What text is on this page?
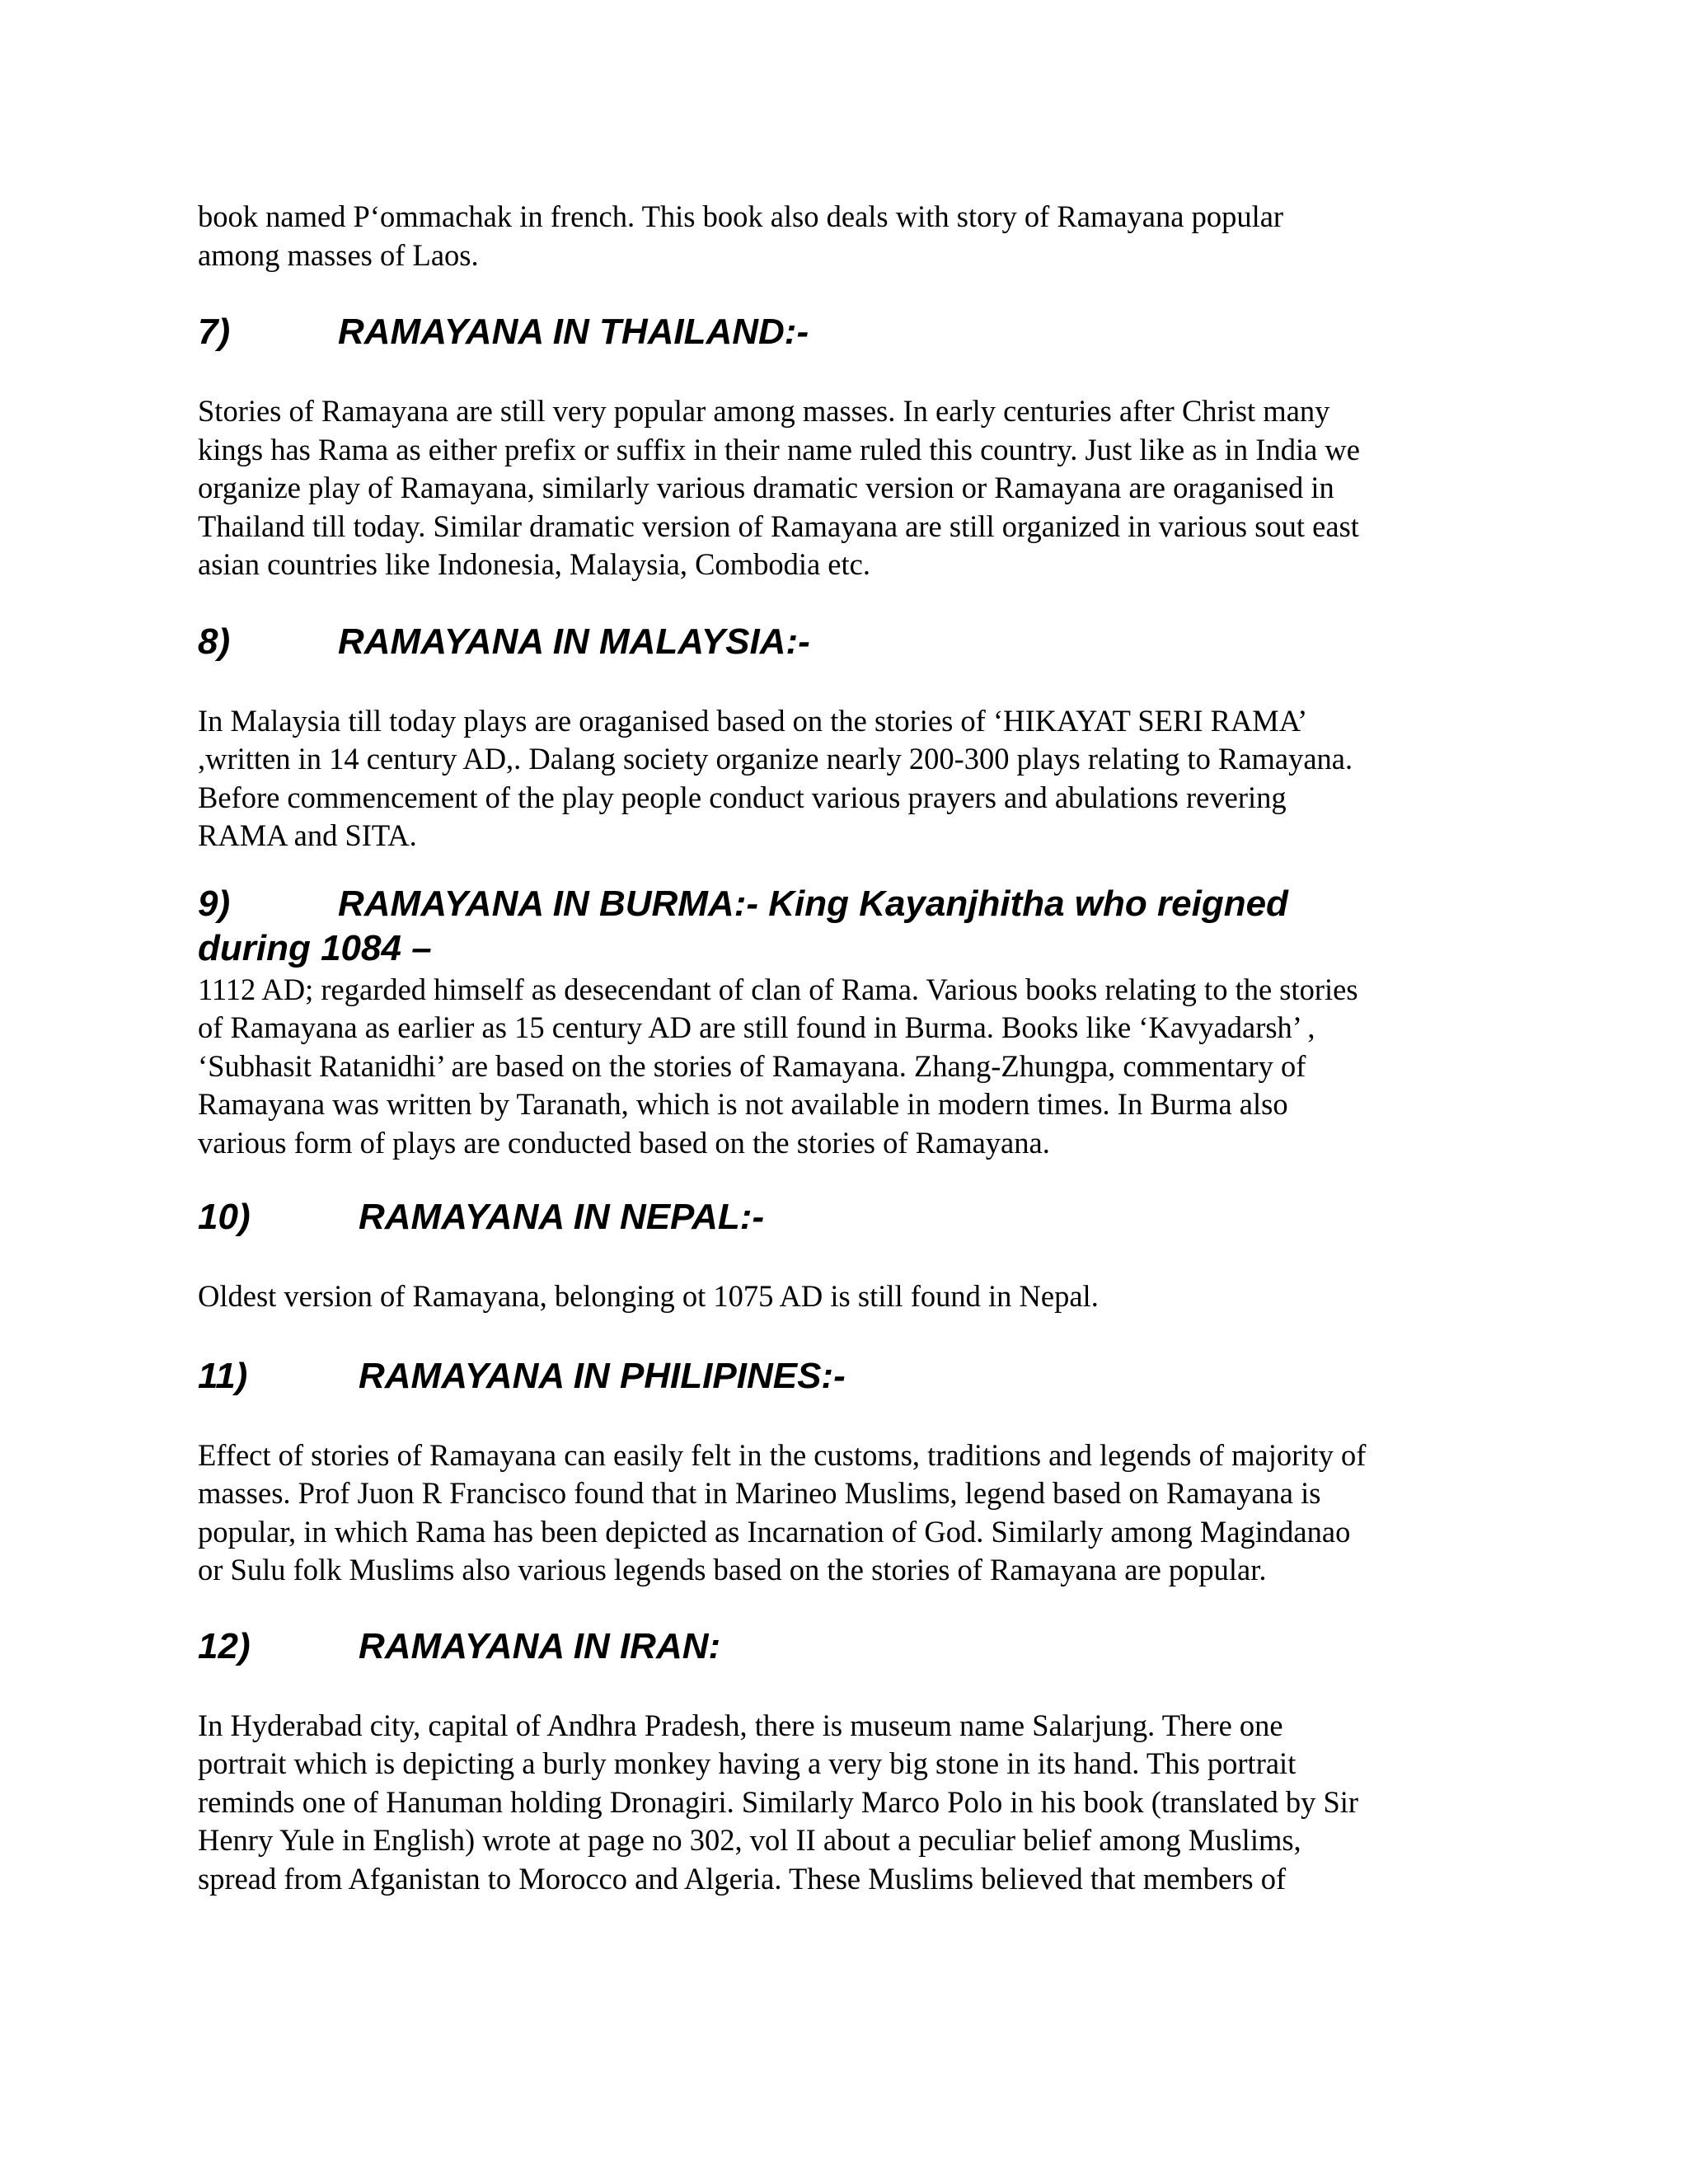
book named P‘ommachak in french. This book also deals with story of Ramayana popular
among masses of Laos.

7)	RAMAYANA IN THAILAND:-

Stories of Ramayana are still very popular among masses. In early centuries after Christ many
kings has Rama as either prefix or suffix in their name ruled this country. Just like as in India we
organize play of Ramayana, similarly various dramatic version or Ramayana are oraganised in
Thailand till today. Similar dramatic version of Ramayana are still organized in various sout east
asian countries like Indonesia, Malaysia, Combodia etc.

8)	RAMAYANA IN MALAYSIA:-

In Malaysia till today plays are oraganised based on the stories of ‘HIKAYAT SERI RAMA’
,written in 14 century AD,. Dalang society organize nearly 200-300 plays relating to Ramayana.
Before commencement of the play people conduct various prayers and abulations revering
RAMA and SITA.

9)	RAMAYANA IN BURMA:- King Kayanjhitha who reigned
during 1084 –

1112 AD; regarded himself as desecendant of clan of Rama. Various books relating to the stories
of Ramayana as earlier as 15 century AD are still found in Burma. Books like ‘Kavyadarsh’ ,
‘Subhasit Ratanidhi’ are based on the stories of Ramayana. Zhang-Zhungpa, commentary of
Ramayana was written by Taranath, which is not available in modern times. In Burma also
various form of plays are conducted based on the stories of Ramayana.

10)	RAMAYANA IN NEPAL:-

Oldest version of Ramayana, belonging ot 1075 AD is still found in Nepal.

11)	RAMAYANA IN PHILIPINES:-

Effect of stories of Ramayana can easily felt in the customs, traditions and legends of majority of
masses. Prof Juon R Francisco found that in Marineo Muslims, legend based on Ramayana is
popular, in which Rama has been depicted as Incarnation of God. Similarly among Magindanao
or Sulu folk Muslims also various legends based on the stories of Ramayana are popular.

12)	RAMAYANA IN IRAN:

In Hyderabad city, capital of Andhra Pradesh, there is museum name Salarjung. There one
portrait which is depicting a burly monkey having a very big stone in its hand. This portrait
reminds one of Hanuman holding Dronagiri. Similarly Marco Polo in his book (translated by Sir
Henry Yule in English) wrote at page no 302, vol II about a peculiar belief among Muslims,
spread from Afganistan to Morocco and Algeria. These Muslims believed that members of
